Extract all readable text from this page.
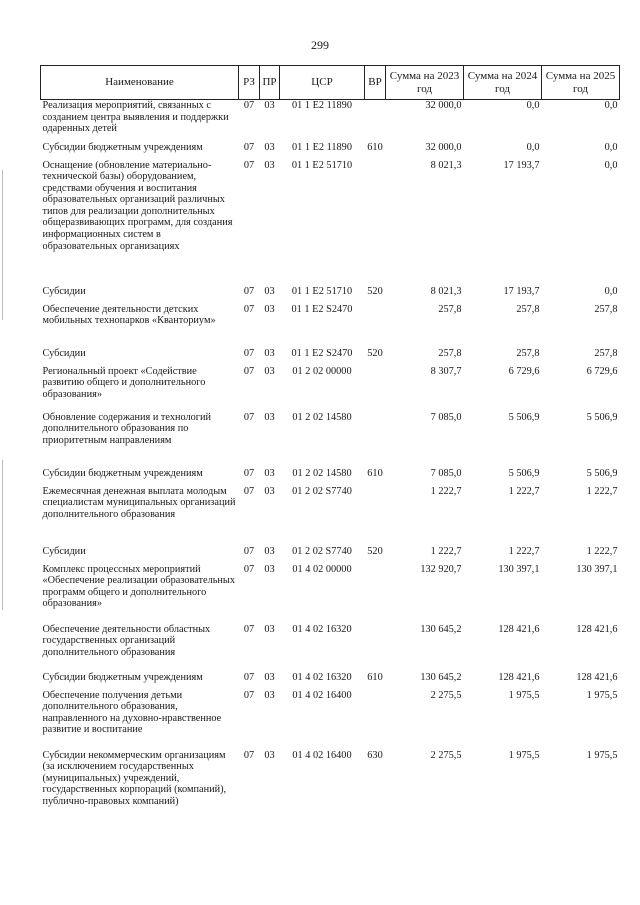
299
Наименование	РЗ	ПР	ЦСР	ВР	Сумма на 2023 год	Сумма на 2024 год	Сумма на 2025 год
Реализация мероприятий, связанных с созданием центра выявления и поддержки одаренных детей	07	03	01 1 Е2 11890		32 000,0	0,0	0,0
Субсидии бюджетным учреждениям	07	03	01 1 Е2 11890	610	32 000,0	0,0	0,0
Оснащение (обновление материально-технической базы) оборудованием, средствами обучения и воспитания образовательных организаций различных типов для реализации дополнительных общеразвивающих программ, для создания информационных систем в образовательных организациях	07	03	01 1 Е2 51710		8 021,3	17 193,7	0,0
Субсидии	07	03	01 1 Е2 51710	520	8 021,3	17 193,7	0,0
Обеспечение деятельности детских мобильных технопарков «Кванториум»	07	03	01 1 Е2 S2470		257,8	257,8	257,8
Субсидии	07	03	01 1 Е2 S2470	520	257,8	257,8	257,8
Региональный проект «Содействие развитию общего и дополнительного образования»	07	03	01 2 02 00000		8 307,7	6 729,6	6 729,6
Обновление содержания и технологий дополнительного образования по приоритетным направлениям	07	03	01 2 02 14580		7 085,0	5 506,9	5 506,9
Субсидии бюджетным учреждениям	07	03	01 2 02 14580	610	7 085,0	5 506,9	5 506,9
Ежемесячная денежная выплата молодым специалистам муниципальных организаций дополнительного образования	07	03	01 2 02 S7740		1 222,7	1 222,7	1 222,7
Субсидии	07	03	01 2 02 S7740	520	1 222,7	1 222,7	1 222,7
Комплекс процессных мероприятий «Обеспечение реализации образовательных программ общего и дополнительного образования»	07	03	01 4 02 00000		132 920,7	130 397,1	130 397,1
Обеспечение деятельности областных государственных организаций дополнительного образования	07	03	01 4 02 16320		130 645,2	128 421,6	128 421,6
Субсидии бюджетным учреждениям	07	03	01 4 02 16320	610	130 645,2	128 421,6	128 421,6
Обеспечение получения детьми дополнительного образования, направленного на духовно-нравственное развитие и воспитание	07	03	01 4 02 16400		2 275,5	1 975,5	1 975,5
Субсидии некоммерческим организациям (за исключением государственных (муниципальных) учреждений, государственных корпораций (компаний), публично-правовых компаний)	07	03	01 4 02 16400	630	2 275,5	1 975,5	1 975,5
